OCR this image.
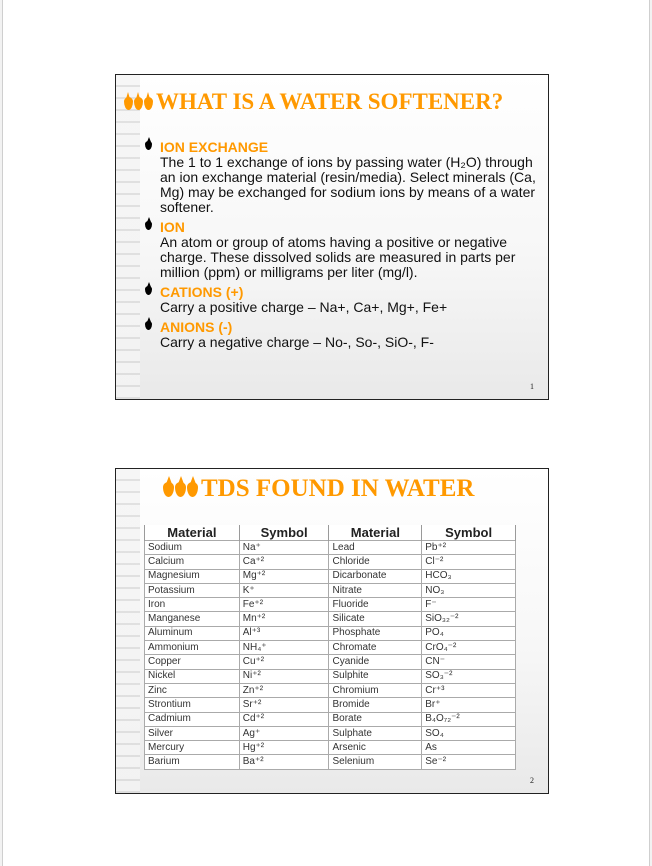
WHAT IS A WATER SOFTENER?
ION EXCHANGE
The 1 to 1 exchange of ions by passing water (H₂O) through an ion exchange material (resin/media). Select minerals (Ca, Mg) may be exchanged for sodium ions by means of a water softener.
ION
An atom or group of atoms having a positive or negative charge. These dissolved solids are measured in parts per million (ppm) or milligrams per liter (mg/l).
CATIONS (+)
Carry a positive charge – Na+, Ca+, Mg+, Fe+
ANIONS (-)
Carry a negative charge – No-, So-, SiO-, F-
1
TDS FOUND IN WATER
Material	Symbol	Material	Symbol
Sodium	Na⁺	Lead	Pb⁺²
Calcium	Ca⁺²	Chloride	Cl⁻²
Magnesium	Mg⁺²	Dicarbonate	HCO₃
Potassium	K⁺	Nitrate	NO₃
Iron	Fe⁺²	Fluoride	F⁻
Manganese	Mn⁺²	Silicate	SiO₃₂⁻²
Aluminum	Al⁺³	Phosphate	PO₄
Ammonium	NH₄⁺	Chromate	CrO₄⁻²
Copper	Cu⁺²	Cyanide	CN⁻
Nickel	Ni⁺²	Sulphite	SO₃⁻²
Zinc	Zn⁺²	Chromium	Cr⁺³
Strontium	Sr⁺²	Bromide	Br⁺
Cadmium	Cd⁺²	Borate	B₄O₇₂⁻²
Silver	Ag⁺	Sulphate	SO₄
Mercury	Hg⁺²	Arsenic	As
Barium	Ba⁺²	Selenium	Se⁻²
2
